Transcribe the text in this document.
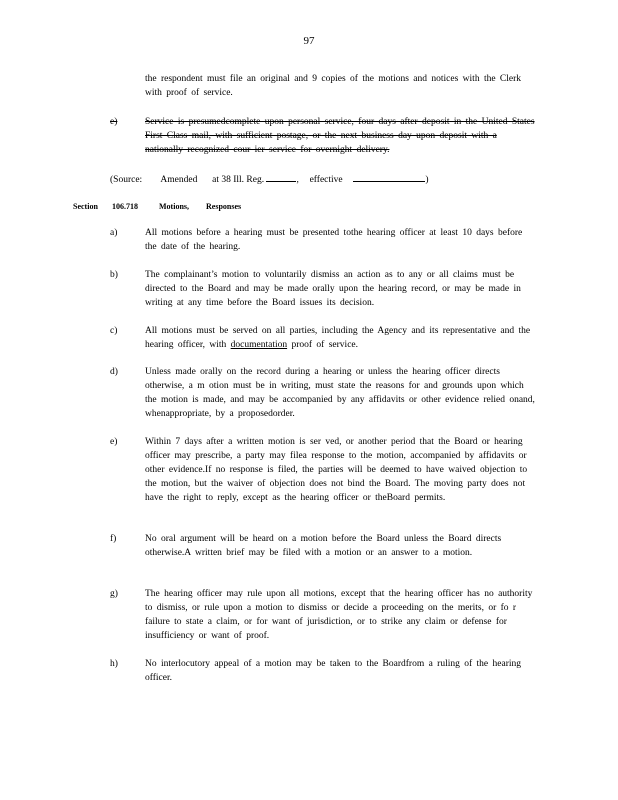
97
the respondent must file an original and 9 copies of the motions and notices with the Clerk with proof of service.
e)	Service is presumedcomplete upon personal service, four days after deposit in the United States First Class mail, with sufficient postage, or the next business day upon deposit with a nationally recognized cour ier service for overnight delivery.
(Source: Amended at 38 Ill. Reg.	, effective	)
Section 106.718	Motions, Responses
a)	All motions before a hearing must be presented tothe hearing officer at least 10 days before the date of the hearing.
b)	The complainant’s motion to voluntarily dismiss an action as to any or all claims must be directed to the Board and may be made orally upon the hearing record, or may be made in writing at any time before the Board issues its decision.
c)	All motions must be served on all parties, including the Agency and its representative and the hearing officer, with documentation proof of service.
d)	Unless made orally on the record during a hearing or unless the hearing officer directs otherwise, a m otion must be in writing, must state the reasons for and grounds upon which the motion is made, and may be accompanied by any affidavits or other evidence relied onand, whenappropriate, by a proposedorder.
e)	Within 7 days after a written motion is ser ved, or another period that the Board or hearing officer may prescribe, a party may filea response to the motion, accompanied by affidavits or other evidence.If no response is filed, the parties will be deemed to have waived objection to the motion, but the waiver of objection does not bind the Board. The moving party does not have the right to reply, except as the hearing officer or theBoard permits.
f)	No oral argument will be heard on a motion before the Board unless the Board directs otherwise.A written brief may be filed with a motion or an answer to a motion.
g)	The hearing officer may rule upon all motions, except that the hearing officer has no authority to dismiss, or rule upon a motion to dismiss or decide a proceeding on the merits, or fo r failure to state a claim, or for want of jurisdiction, or to strike any claim or defense for insufficiency or want of proof.
h)	No interlocutory appeal of a motion may be taken to the Boardfrom a ruling of the hearing officer.
